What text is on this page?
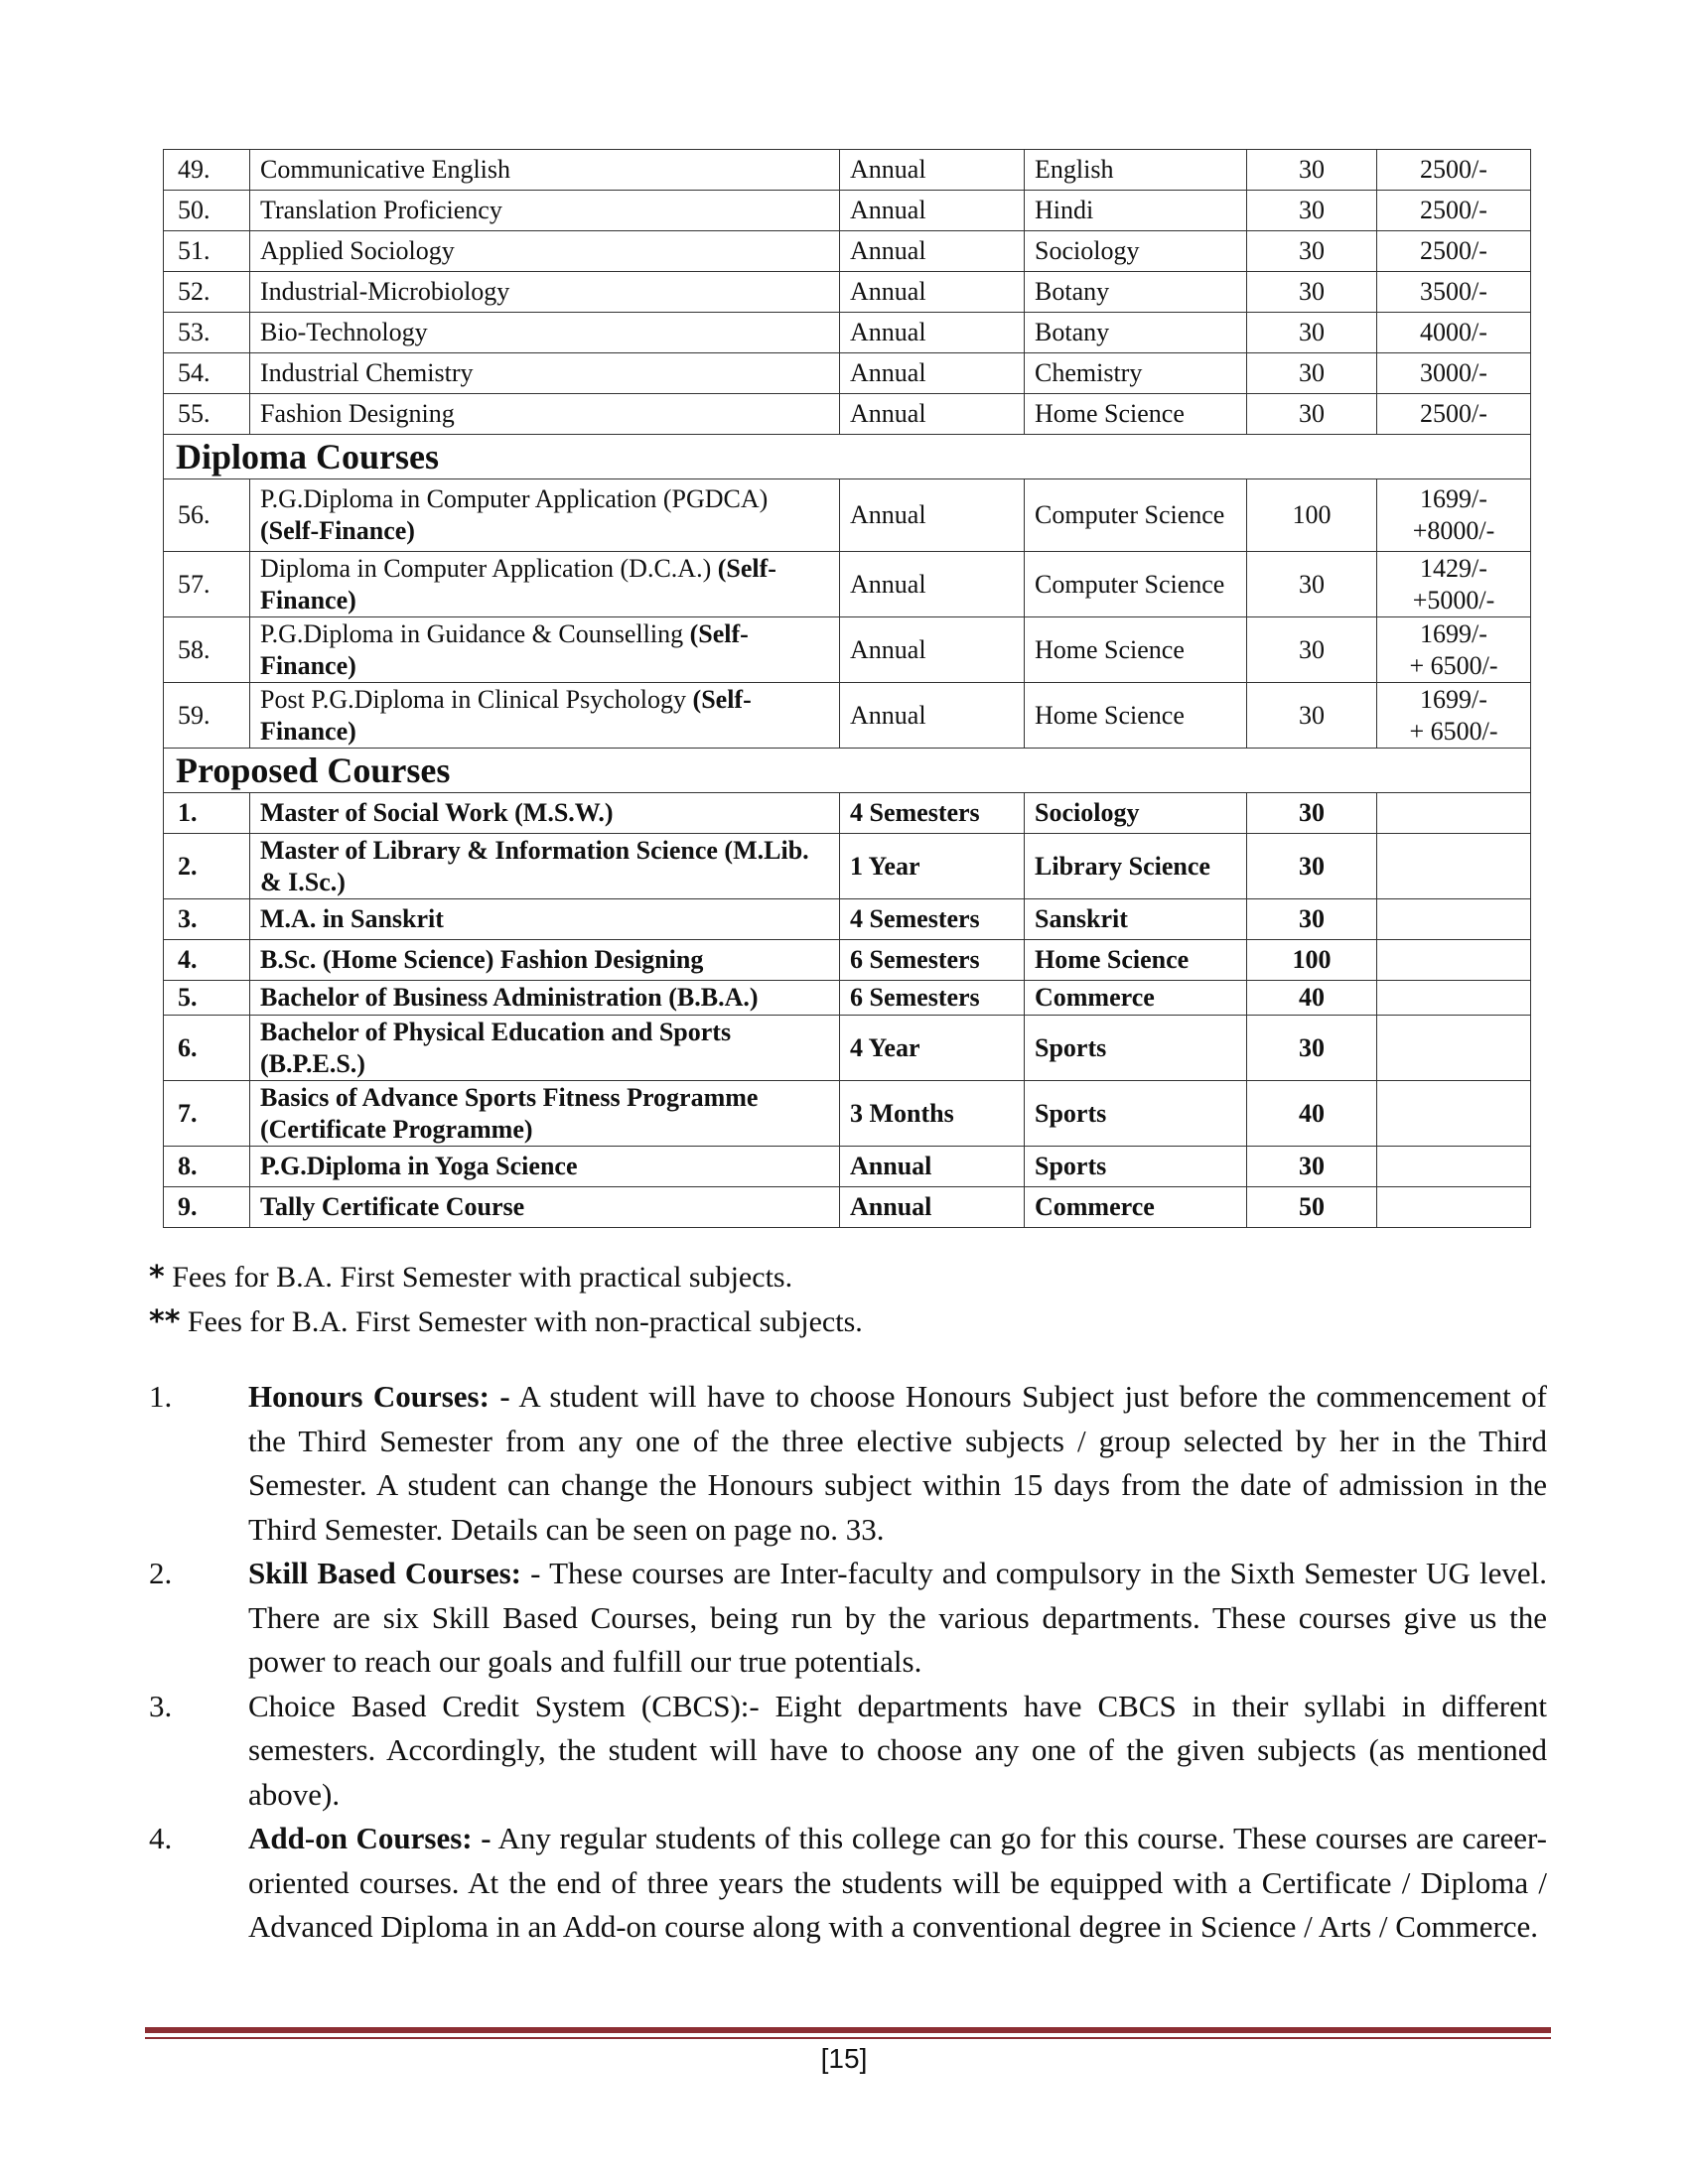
49.	Communicative English	Annual	English	30	2500/-

50.	Translation Proficiency	Annual	Hindi	30	2500/-

51.	Applied Sociology	Annual	Sociology	30	2500/-

52.	Industrial-Microbiology	Annual	Botany	30	3500/-

53.	Bio-Technology	Annual	Botany	30	4000/-

54.	Industrial Chemistry	Annual	Chemistry	30	3000/-

55.	Fashion Designing	Annual	Home Science	30	2500/-

Diploma Courses					
56.	P.G.Diploma in Computer Application (PGDCA) (Self-Finance)	Annual	Computer Science	100	1699/-
+8000/-

57.	Diploma in Computer Application (D.C.A.) (Self-Finance)	Annual	Computer Science	30	1429/-
+5000/-

58.	P.G.Diploma in Guidance & Counselling (Self-Finance)	Annual	Home Science	30	1699/-
+ 6500/-

59.	Post P.G.Diploma in Clinical Psychology (Self-Finance)	Annual	Home Science	30	1699/-
+ 6500/-

Proposed Courses					
1.	Master of Social Work (M.S.W.)	4 Semesters	Sociology	30	
2.	Master of Library & Information Science (M.Lib. & I.Sc.)	1 Year	Library Science	30	
3.	M.A. in Sanskrit	4 Semesters	Sanskrit	30	
4.	B.Sc. (Home Science) Fashion Designing	6 Semesters	Home Science	100	
5.	Bachelor of Business Administration (B.B.A.)	6 Semesters	Commerce	40	
6.	Bachelor of Physical Education and Sports (B.P.E.S.)	4 Year	Sports	30	
7.	Basics of Advance Sports Fitness Programme (Certificate Programme)	3 Months	Sports	40	
8.	P.G.Diploma in Yoga Science	Annual	Sports	30	
9.	Tally Certificate Course	Annual	Commerce	50	
* Fees for B.A. First Semester with practical subjects.
** Fees for B.A. First Semester with non-practical subjects.
1.	Honours Courses: - A student will have to choose Honours Subject just before the commencement of the Third Semester from any one of the three elective subjects / group selected by her in the Third Semester. A student can change the Honours subject within 15 days from the date of admission in the Third Semester. Details can be seen on page no. 33.
2.	Skill Based Courses: - These courses are Inter-faculty and compulsory in the Sixth Semester UG level. There are six Skill Based Courses, being run by the various departments. These courses give us the power to reach our goals and fulfill our true potentials.
3.	Choice Based Credit System (CBCS):- Eight departments have CBCS in their syllabi in different semesters. Accordingly, the student will have to choose any one of the given subjects (as mentioned above).
4.	Add-on Courses: - Any regular students of this college can go for this course. These courses are career-oriented courses. At the end of three years the students will be equipped with a Certificate / Diploma / Advanced Diploma in an Add-on course along with a conventional degree in Science / Arts / Commerce.
[15]
